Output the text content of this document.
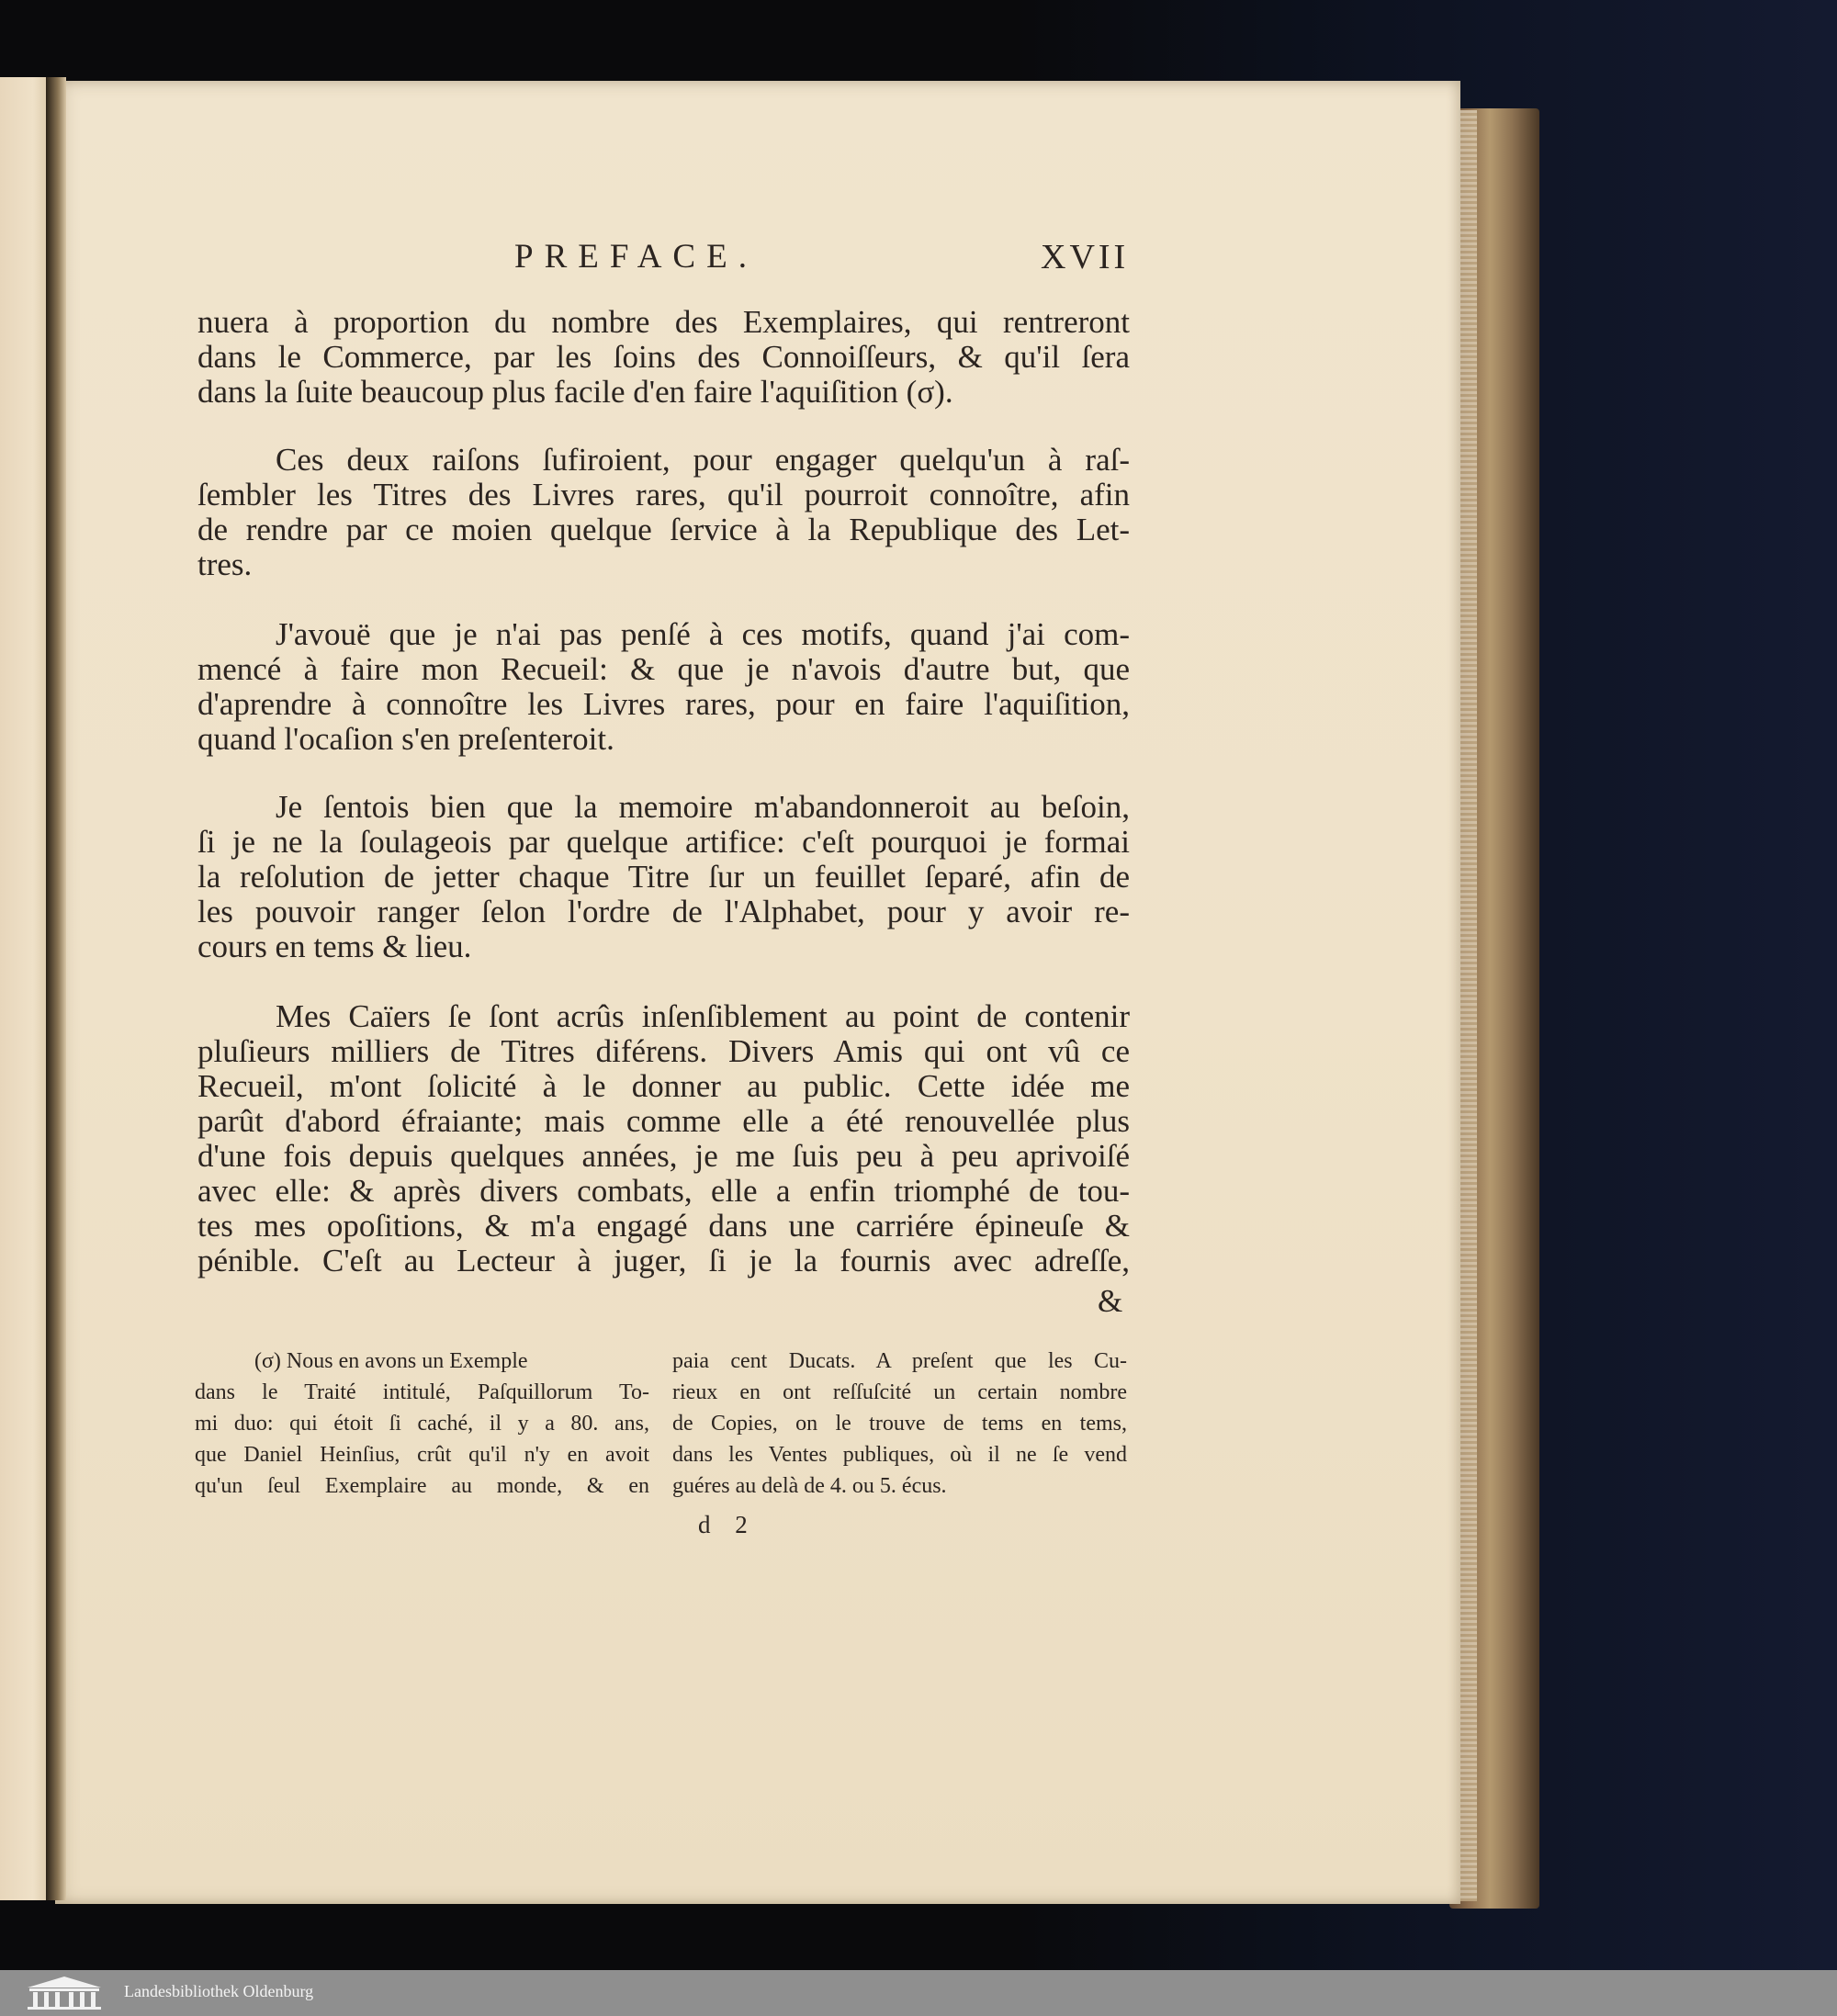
PREFACE.	XVII
nuera à proportion du nombre des Exemplaires, qui rentreront
dans le Commerce, par les ſoins des Connoiſſeurs, & qu'il ſera
dans la ſuite beaucoup plus facile d'en faire l'aquiſition (σ).
Ces deux raiſons ſufiroient, pour engager quelqu'un à raſ-
ſembler les Titres des Livres rares, qu'il pourroit connoître, afin
de rendre par ce moien quelque ſervice à la Republique des Let-
tres.
J'avouë que je n'ai pas penſé à ces motifs, quand j'ai com-
mencé à faire mon Recueil: & que je n'avois d'autre but, que
d'aprendre à connoître les Livres rares, pour en faire l'aquiſition,
quand l'ocaſion s'en preſenteroit.
Je ſentois bien que la memoire m'abandonneroit au beſoin,
ſi je ne la ſoulageois par quelque artifice: c'eſt pourquoi je formai
la reſolution de jetter chaque Titre ſur un feuillet ſeparé, afin de
les pouvoir ranger ſelon l'ordre de l'Alphabet, pour y avoir re-
cours en tems & lieu.
Mes Caïers ſe ſont acrûs inſenſiblement au point de contenir
pluſieurs milliers de Titres diférens. Divers Amis qui ont vû ce
Recueil, m'ont ſolicité à le donner au public. Cette idée me
parût d'abord éfraiante; mais comme elle a été renouvellée plus
d'une fois depuis quelques années, je me ſuis peu à peu aprivoiſé
avec elle: & après divers combats, elle a enfin triomphé de tou-
tes mes opoſitions, & m'a engagé dans une carriére épineuſe &
pénible. C'eſt au Lecteur à juger, ſi je la fournis avec adreſſe,
&
(σ) Nous en avons un Exemple
dans le Traité intitulé, Paſquillorum To-
mi duo: qui étoit ſi caché, il y a 80. ans,
que Daniel Heinſius, crût qu'il n'y en avoit
qu'un ſeul Exemplaire au monde, & en
paia cent Ducats. A preſent que les Cu-
rieux en ont reſſuſcité un certain nombre
de Copies, on le trouve de tems en tems,
dans les Ventes publiques, où il ne ſe vend
guéres au delà de 4. ou 5. écus.
d 2
Landesbibliothek Oldenburg
